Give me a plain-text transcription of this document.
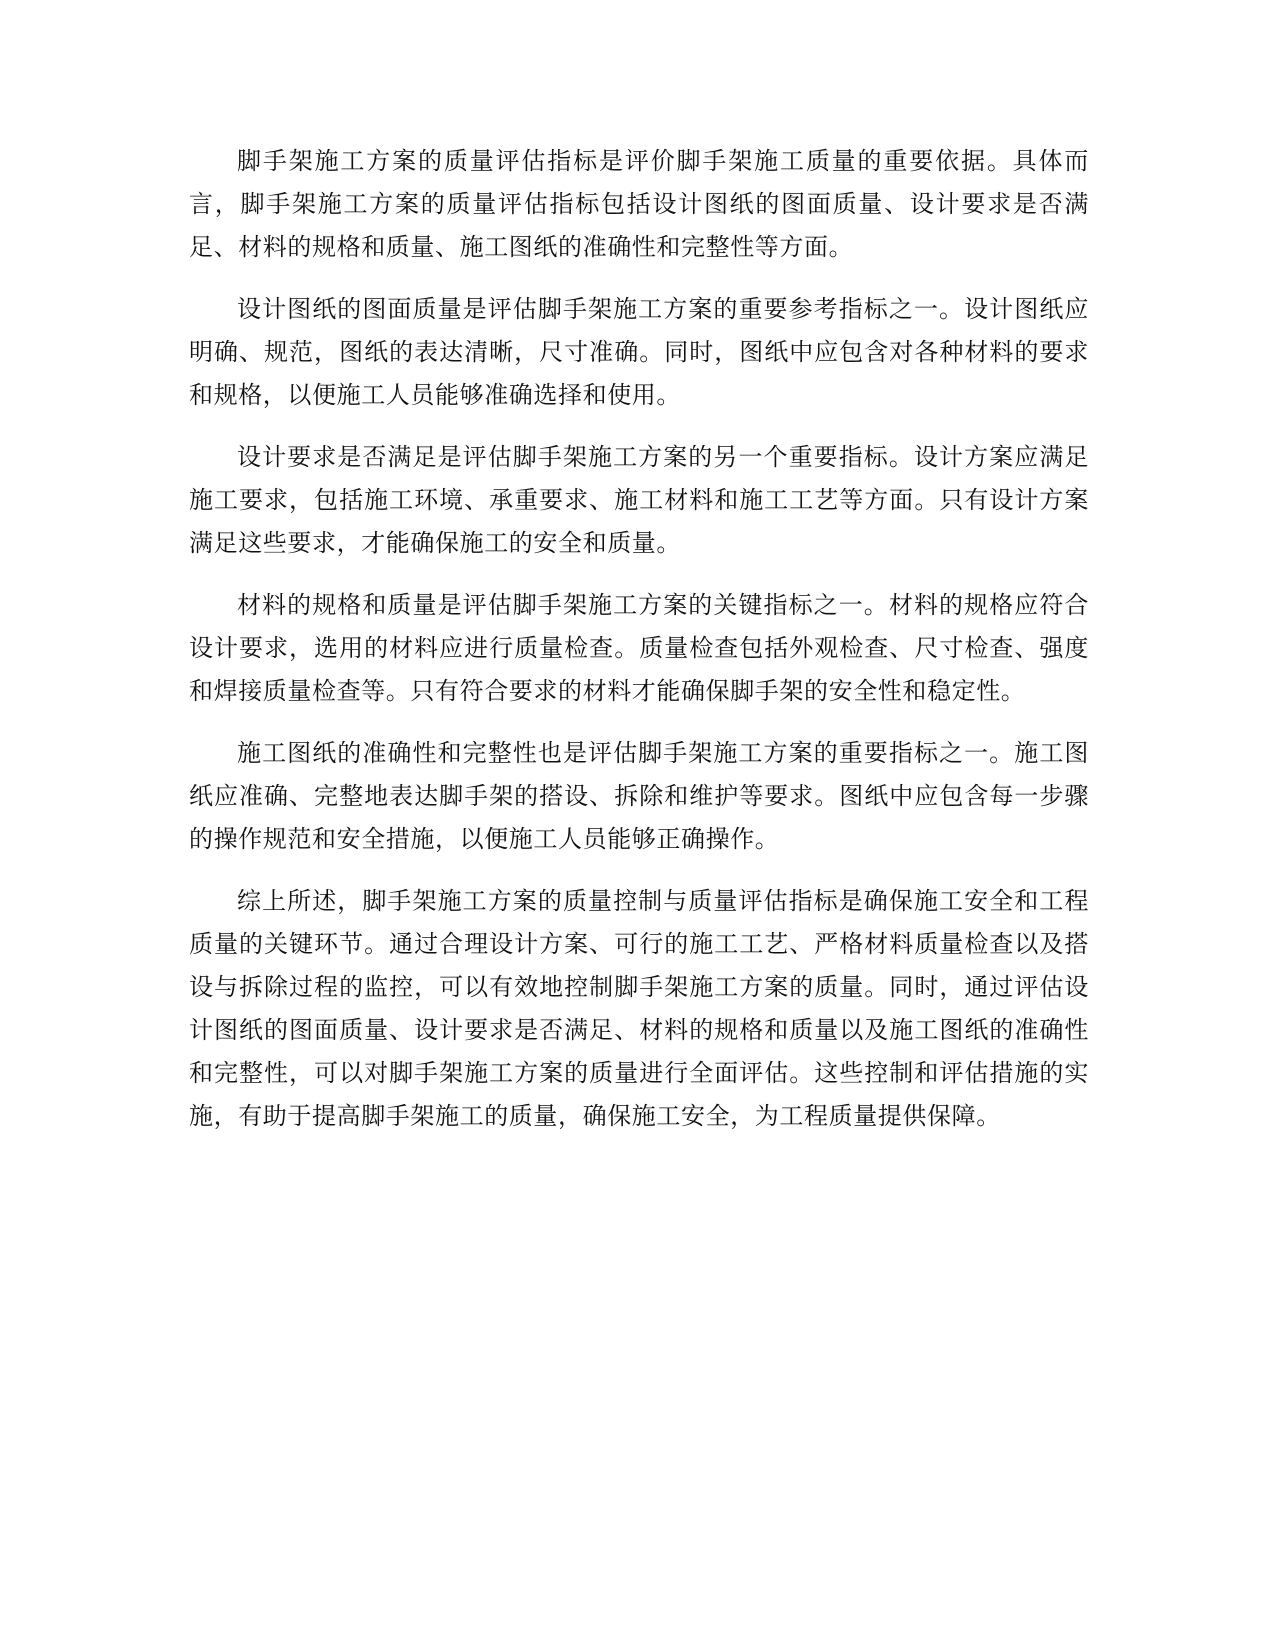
脚手架施工方案的质量评估指标是评价脚手架施工质量的重要依据。具体而言，脚手架施工方案的质量评估指标包括设计图纸的图面质量、设计要求是否满足、材料的规格和质量、施工图纸的准确性和完整性等方面。

设计图纸的图面质量是评估脚手架施工方案的重要参考指标之一。设计图纸应明确、规范，图纸的表达清晰，尺寸准确。同时，图纸中应包含对各种材料的要求和规格，以便施工人员能够准确选择和使用。

设计要求是否满足是评估脚手架施工方案的另一个重要指标。设计方案应满足施工要求，包括施工环境、承重要求、施工材料和施工工艺等方面。只有设计方案满足这些要求，才能确保施工的安全和质量。

材料的规格和质量是评估脚手架施工方案的关键指标之一。材料的规格应符合设计要求，选用的材料应进行质量检查。质量检查包括外观检查、尺寸检查、强度和焊接质量检查等。只有符合要求的材料才能确保脚手架的安全性和稳定性。

施工图纸的准确性和完整性也是评估脚手架施工方案的重要指标之一。施工图纸应准确、完整地表达脚手架的搭设、拆除和维护等要求。图纸中应包含每一步骤的操作规范和安全措施，以便施工人员能够正确操作。

综上所述，脚手架施工方案的质量控制与质量评估指标是确保施工安全和工程质量的关键环节。通过合理设计方案、可行的施工工艺、严格材料质量检查以及搭设与拆除过程的监控，可以有效地控制脚手架施工方案的质量。同时，通过评估设计图纸的图面质量、设计要求是否满足、材料的规格和质量以及施工图纸的准确性和完整性，可以对脚手架施工方案的质量进行全面评估。这些控制和评估措施的实施，有助于提高脚手架施工的质量，确保施工安全，为工程质量提供保障。
